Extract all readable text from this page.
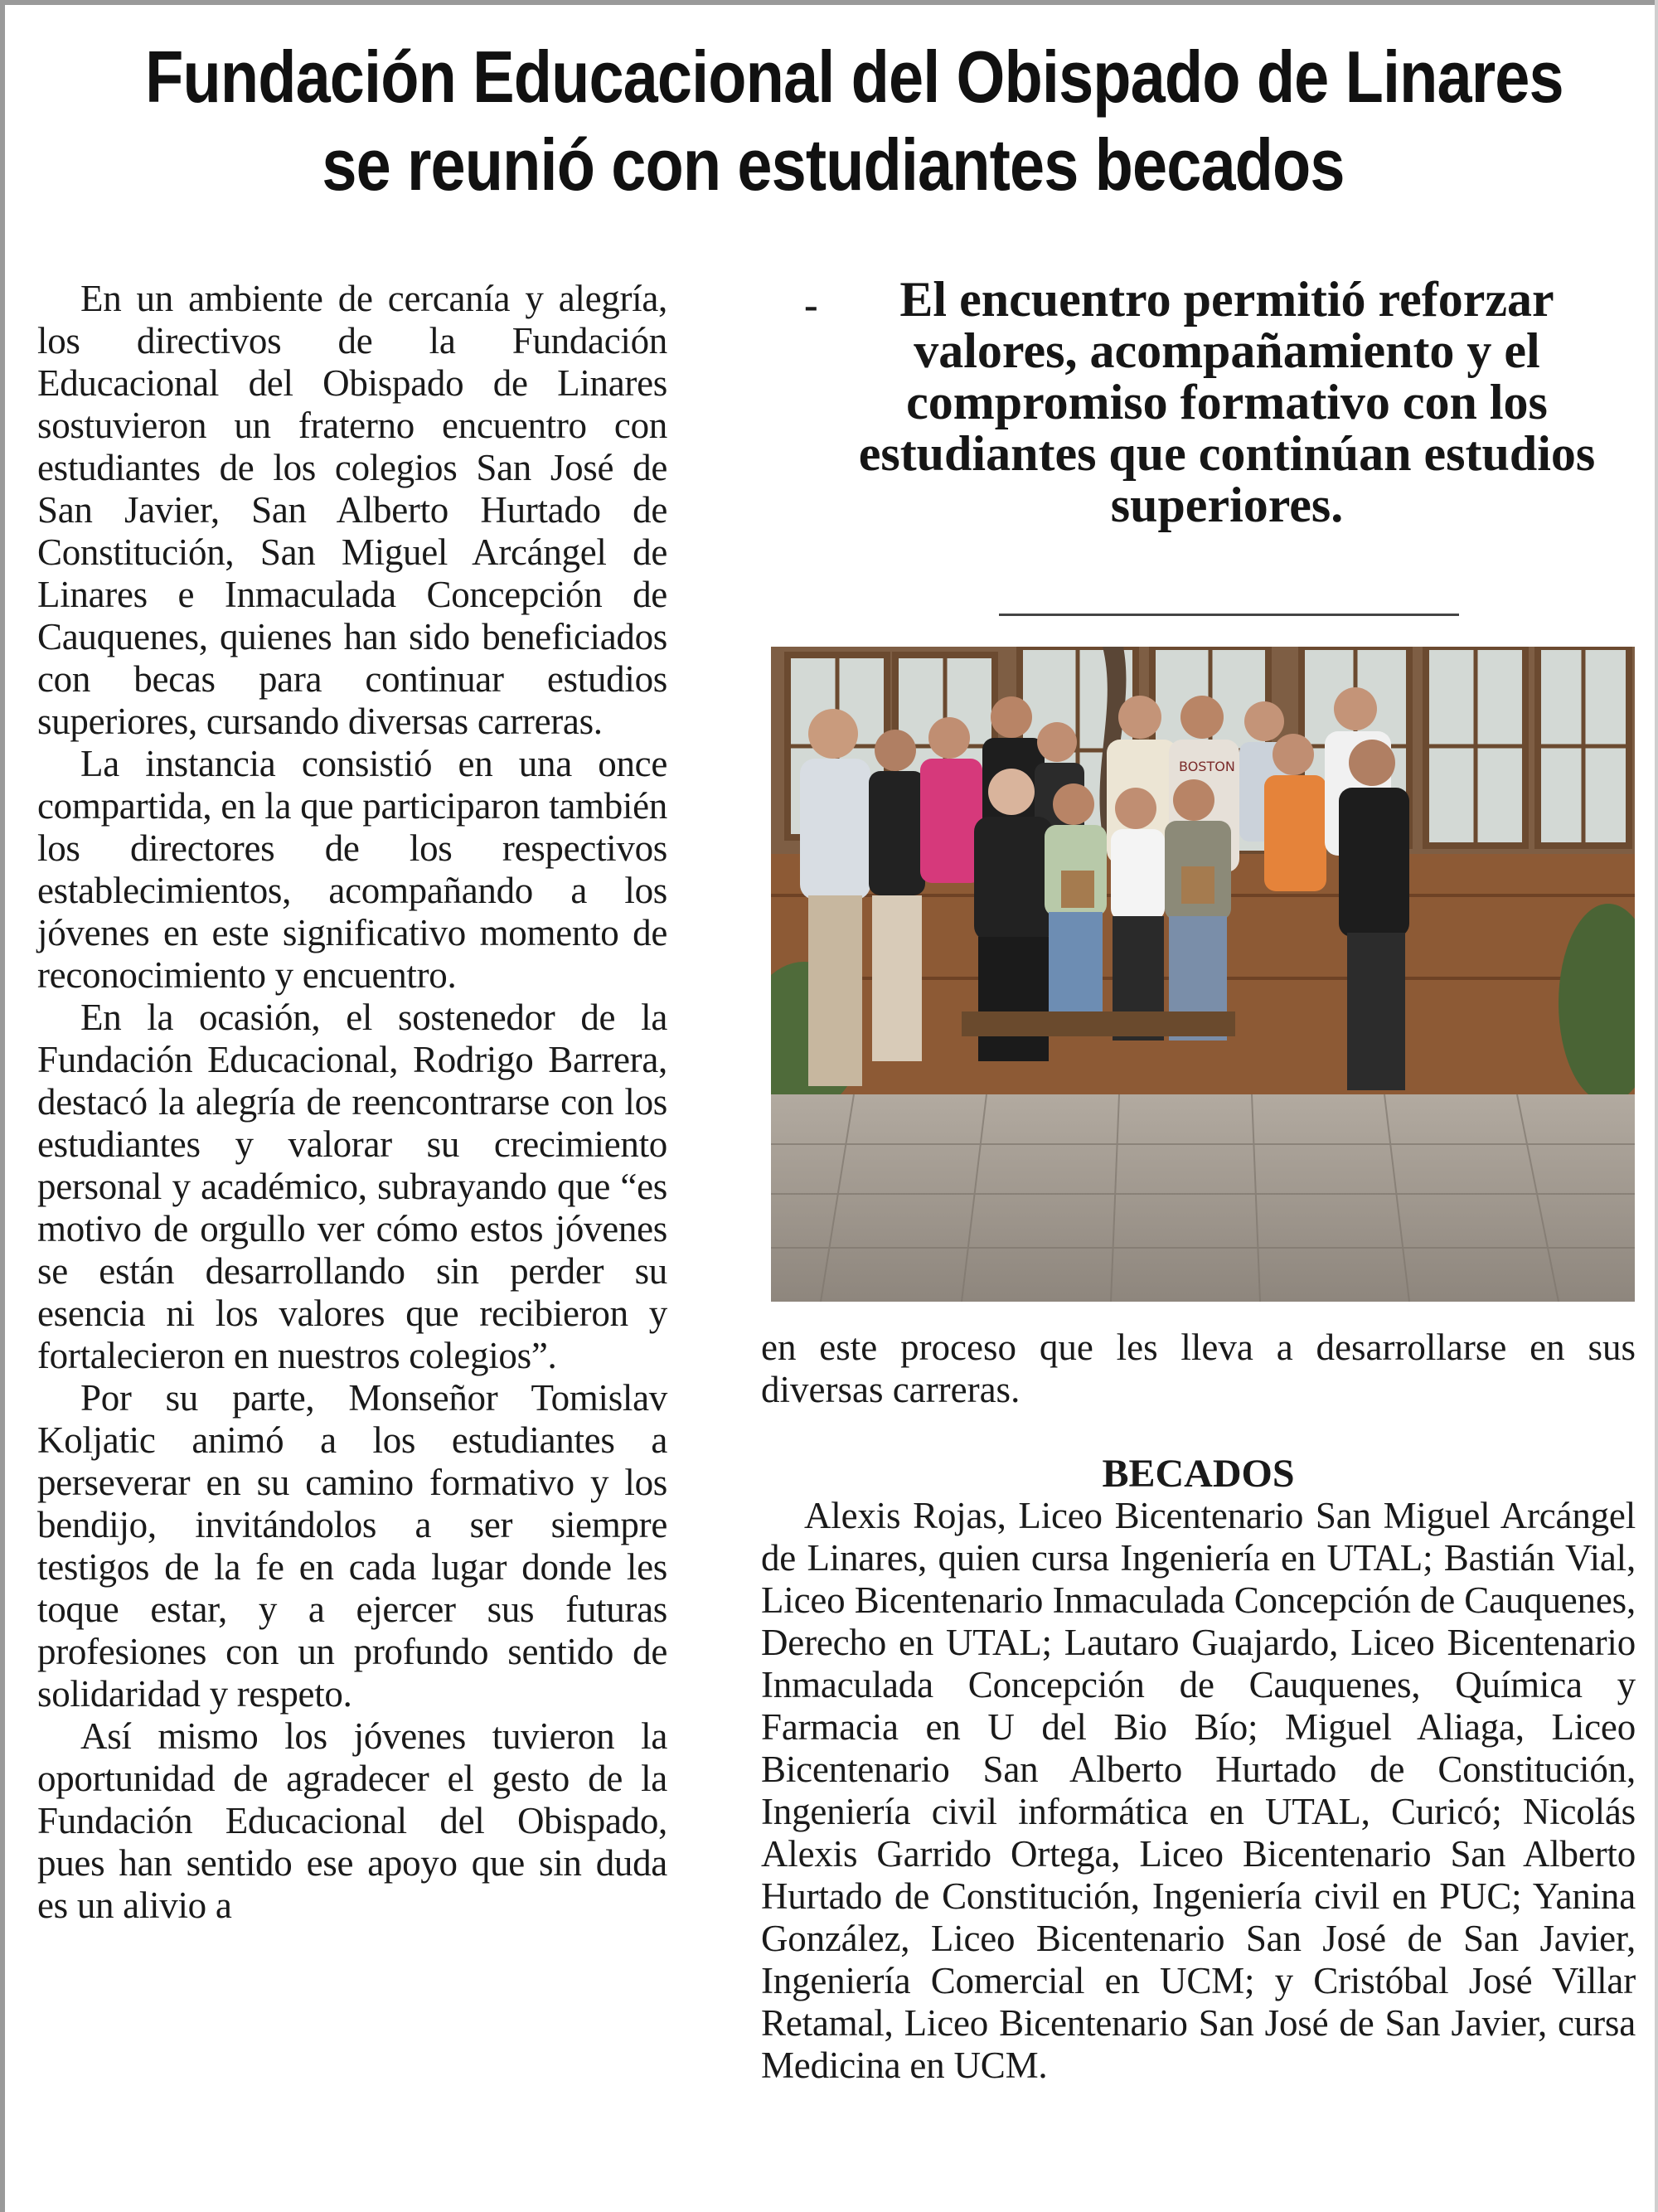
Fundación Educacional del Obispado de Linares
se reunió con estudiantes becados

En un ambiente de cercanía y alegría, los directivos de la Fundación Educacional del Obispado de Linares sostuvieron un fraterno encuentro con estudiantes de los colegios San José de San Javier, San Alberto Hurtado de Constitución, San Miguel Arcángel de Linares e Inmaculada Concepción de Cauquenes, quienes han sido beneficiados con becas para continuar estudios superiores, cursando diversas carreras.

La instancia consistió en una once compartida, en la que participaron también los directores de los respectivos establecimientos, acompañando a los jóvenes en este significativo momento de reconocimiento y encuentro.

En la ocasión, el sostenedor de la Fundación Educacional, Rodrigo Barrera, destacó la alegría de reencontrarse con los estudiantes y valorar su crecimiento personal y académico, subrayando que “es motivo de orgullo ver cómo estos jóvenes se están desarrollando sin perder su esencia ni los valores que recibieron y fortalecieron en nuestros colegios”.

Por su parte, Monseñor Tomislav Koljatic animó a los estudiantes a perseverar en su camino formativo y los bendijo, invitándolos a ser siempre testigos de la fe en cada lugar donde les toque estar, y a ejercer sus futuras profesiones con un profundo sentido de solidaridad y respeto.

Así mismo los jóvenes tuvieron la oportunidad de agradecer el gesto de la Fundación Educacional del Obispado, pues han sentido ese apoyo que sin duda es un alivio a

-	El encuentro permitió reforzar valores, acompañamiento y el compromiso formativo con los estudiantes que continúan estudios superiores.

BOSTON

en este proceso que les lleva a desarrollarse en sus diversas carreras.

BECADOS

Alexis Rojas, Liceo Bicentenario San Miguel Arcángel de Linares, quien cursa Ingeniería en UTAL; Bastián Vial, Liceo Bicentenario Inmaculada Concepción de Cauquenes, Derecho en UTAL; Lautaro Guajardo, Liceo Bicentenario Inmaculada Concepción de Cauquenes, Química y Farmacia en U del Bio Bío; Miguel Aliaga, Liceo Bicentenario San Alberto Hurtado de Constitución, Ingeniería civil informática en UTAL, Curicó; Nicolás Alexis Garrido Ortega, Liceo Bicentenario San Alberto Hurtado de Constitución, Ingeniería civil en PUC; Yanina González, Liceo Bicentenario San José de San Javier, Ingeniería Comercial en UCM; y Cristóbal José Villar Retamal, Liceo Bicentenario San José de San Javier, cursa Medicina en UCM.
